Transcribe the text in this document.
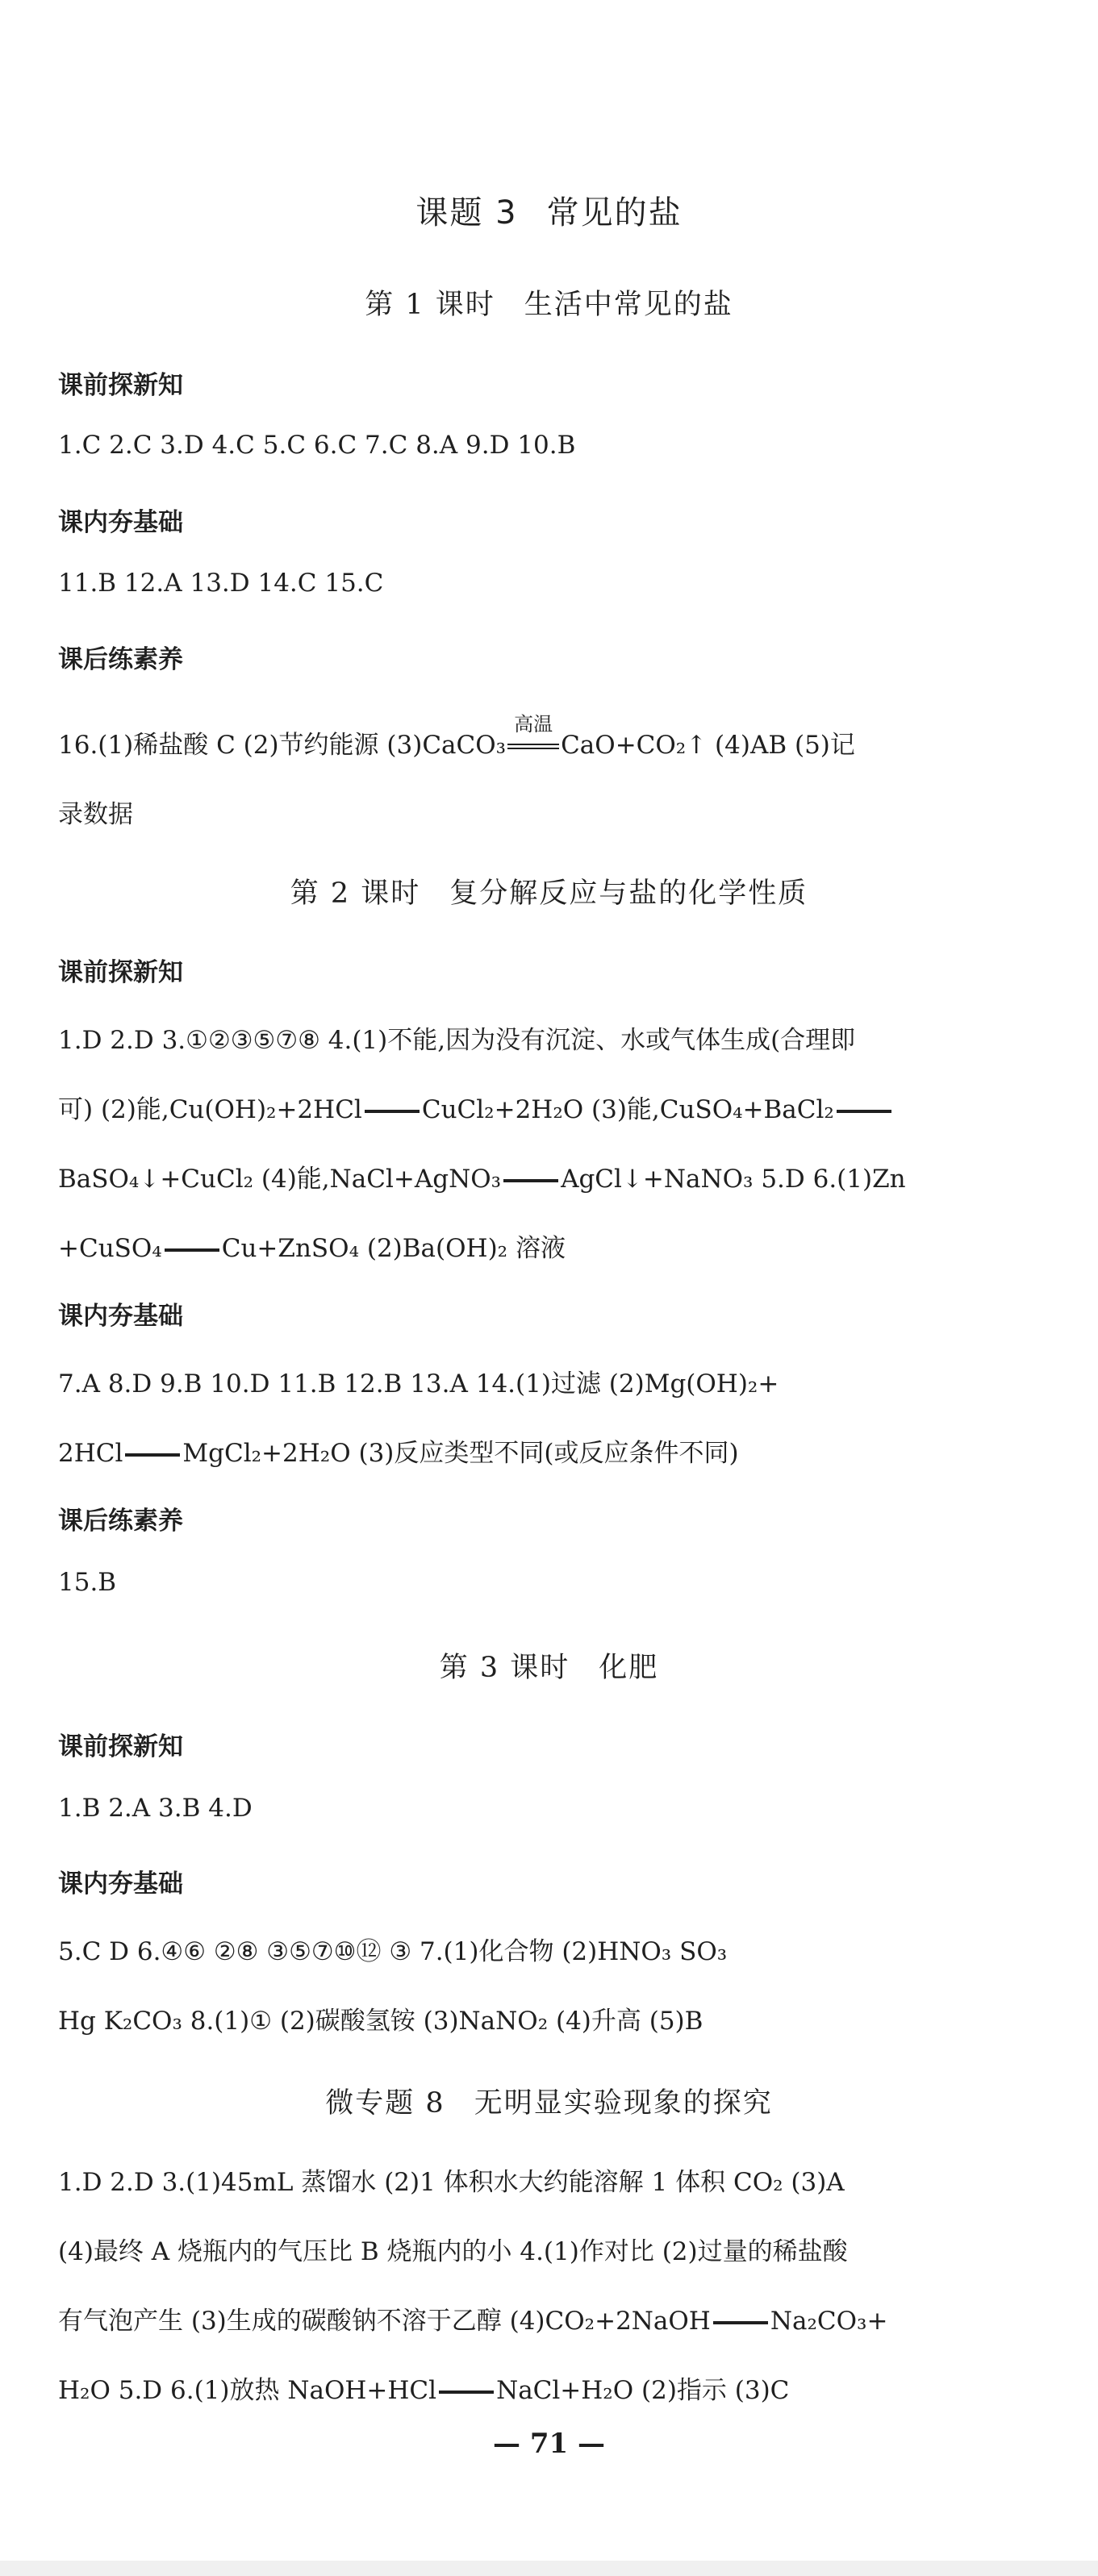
课题 3 常见的盐
第 1 课时 生活中常见的盐
课前探新知
1.C 2.C 3.D 4.C 5.C 6.C 7.C 8.A 9.D 10.B
课内夯基础
11.B 12.A 13.D 14.C 15.C
课后练素养
16.(1)稀盐酸 C (2)节约能源 (3)CaCO₃
高温
CaO+CO₂↑ (4)AB (5)记
录数据
第 2 课时 复分解反应与盐的化学性质
课前探新知
1.D 2.D 3.①②③⑤⑦⑧ 4.(1)不能,因为没有沉淀、水或气体生成(合理即
可) (2)能,Cu(OH)₂+2HCl CuCl₂+2H₂O (3)能,CuSO₄+BaCl₂
BaSO₄↓+CuCl₂ (4)能,NaCl+AgNO₃ AgCl↓+NaNO₃ 5.D 6.(1)Zn
+CuSO₄ Cu+ZnSO₄ (2)Ba(OH)₂ 溶液
课内夯基础
7.A 8.D 9.B 10.D 11.B 12.B 13.A 14.(1)过滤 (2)Mg(OH)₂+
2HCl MgCl₂+2H₂O (3)反应类型不同(或反应条件不同)
课后练素养
15.B
第 3 课时 化肥
课前探新知
1.B 2.A 3.B 4.D
课内夯基础
5.C D 6.④⑥ ②⑧ ③⑤⑦⑩⑫ ③ 7.(1)化合物 (2)HNO₃ SO₃
Hg K₂CO₃ 8.(1)① (2)碳酸氢铵 (3)NaNO₂ (4)升高 (5)B
微专题 8 无明显实验现象的探究
1.D 2.D 3.(1)45mL 蒸馏水 (2)1 体积水大约能溶解 1 体积 CO₂ (3)A
(4)最终 A 烧瓶内的气压比 B 烧瓶内的小 4.(1)作对比 (2)过量的稀盐酸
有气泡产生 (3)生成的碳酸钠不溶于乙醇 (4)CO₂+2NaOH Na₂CO₃+
H₂O 5.D 6.(1)放热 NaOH+HCl NaCl+H₂O (2)指示 (3)C
— 71 —
